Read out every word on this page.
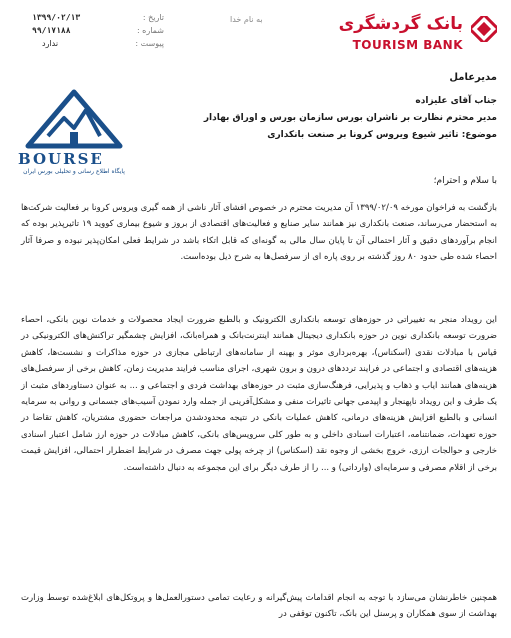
بانک گردشگری
TOURISM BANK
به نام خدا
تاریخ :
۱۳۹۹/۰۲/۱۳
شماره :
۹۹/۱۷۱۸۸
پیوست :
ندارد
مدیرعامل
BOURSE
پایگاه اطلاع رسانی و تحلیلی بورس ایران
جناب آقای علیزاده
مدیر محترم نظارت بر ناشران بورس سازمان بورس و اوراق بهادار
موضوع: تاثیر شیوع ویروس کرونا بر صنعت بانکداری
با سلام و احترام؛

بازگشت به فراخوان مورخه ۱۳۹۹/۰۲/۰۹ آن مدیریت محترم در خصوص افشای آثار ناشی از همه گیری ویروس کرونا بر فعالیت شرکت‌ها به استحضار می‌رساند، صنعت بانکداری نیز همانند سایر صنایع و فعالیت‌های اقتصادی از بروز و شیوع بیماری کووید ۱۹ تاثیرپذیر بوده که انجام برآوردهای دقیق و آثار احتمالی آن تا پایان سال مالی به گونه‌ای که قابل اتکاء باشد در شرایط فعلی امکان‌پذیر نبوده و صرفا آثار احصاء شده طی حدود ۸۰ روز گذشته بر روی پاره ای از سرفصل‌ها به شرح ذیل بوده‌است.

این رویداد منجر به تغییراتی در حوزه‌های توسعه بانکداری الکترونیک و بالطبع ضرورت ایجاد محصولات و خدمات نوین بانکی، احصاء ضرورت توسعه بانکداری نوین در حوزه بانکداری دیجیتال همانند اینترنت‌بانک و همراه‌بانک، افزایش چشمگیر تراکنش‌های الکترونیکی در قیاس با مبادلات نقدی (اسکناس)، بهره‌برداری موثر و بهینه از سامانه‌های ارتباطی مجازی در حوزه مذاکرات و نشست‌ها، کاهش هزینه‌های اقتصادی و اجتماعی در فرایند ترددهای درون و برون شهری، اجرای مناسب فرایند مدیریت زمان، کاهش برخی از سرفصل‌های هزینه‌های همانند ایاب و ذهاب و پذیرایی، فرهنگ‌سازی مثبت در حوزه‌های بهداشت فردی و اجتماعی و ... به عنوان دستاوردهای مثبت از یک طرف و این رویداد ناپهنجار و اپیدمی جهانی تاثیرات منفی و مشکل‌آفرینی از جمله وارد نمودن آسیب‌های جسمانی و روانی به سرمایه انسانی و بالطبع افزایش هزینه‌های درمانی، کاهش عملیات بانکی در نتیجه محدودشدن مراجعات حضوری مشتریان، کاهش تقاضا در حوزه تعهدات، ضمانتنامه، اعتبارات اسنادی داخلی و به طور کلی سرویس‌های بانکی، کاهش مبادلات در حوزه ارز شامل اعتبار اسنادی خارجی و حوالجات ارزی، خروج بخشی از وجوه نقد (اسکناس) از چرخه پولی جهت مصرف در شرایط اضطرار احتمالی، افزایش قیمت برخی از اقلام مصرفی و سرمایه‌ای (وارداتی) و ... را از طرف دیگر برای این مجموعه به دنبال داشته‌است.

همچنین خاطرنشان می‌سازد با توجه به انجام اقدامات پیش‌گیرانه و رعایت تمامی دستورالعمل‌ها و پروتکل‌های ابلاغ‌شده توسط وزارت بهداشت از سوی همکاران و پرسنل این بانک، تاکنون توقفی در
